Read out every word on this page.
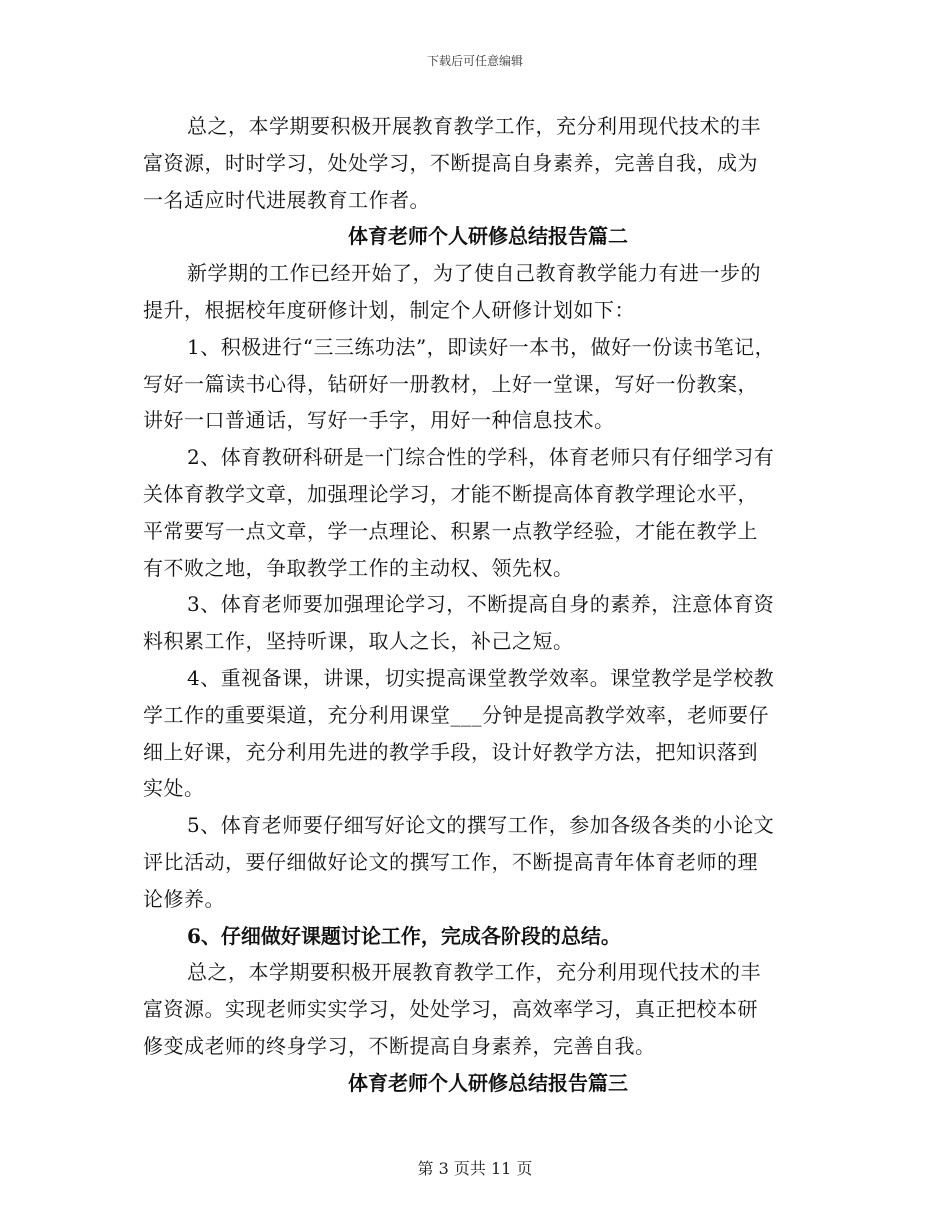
下载后可任意编辑

总之，本学期要积极开展教育教学工作，充分利用现代技术的丰
富资源，时时学习，处处学习，不断提高自身素养，完善自我，成为
一名适应时代进展教育工作者。

体育老师个人研修总结报告篇二

新学期的工作已经开始了，为了使自己教育教学能力有进一步的
提升，根据校年度研修计划，制定个人研修计划如下：

1、积极进行“三三练功法”，即读好一本书，做好一份读书笔记，
写好一篇读书心得，钻研好一册教材，上好一堂课，写好一份教案，
讲好一口普通话，写好一手字，用好一种信息技术。

2、体育教研科研是一门综合性的学科，体育老师只有仔细学习有
关体育教学文章，加强理论学习，才能不断提高体育教学理论水平，
平常要写一点文章，学一点理论、积累一点教学经验，才能在教学上
有不败之地，争取教学工作的主动权、领先权。

3、体育老师要加强理论学习，不断提高自身的素养，注意体育资
料积累工作，坚持听课，取人之长，补己之短。

4、重视备课，讲课，切实提高课堂教学效率。课堂教学是学校教
学工作的重要渠道，充分利用课堂___分钟是提高教学效率，老师要仔
细上好课，充分利用先进的教学手段，设计好教学方法，把知识落到
实处。

5、体育老师要仔细写好论文的撰写工作，参加各级各类的小论文
评比活动，要仔细做好论文的撰写工作，不断提高青年体育老师的理
论修养。

6、仔细做好课题讨论工作，完成各阶段的总结。

总之，本学期要积极开展教育教学工作，充分利用现代技术的丰
富资源。实现老师实实学习，处处学习，高效率学习，真正把校本研
修变成老师的终身学习，不断提高自身素养，完善自我。

体育老师个人研修总结报告篇三
第 3 页共 11 页
